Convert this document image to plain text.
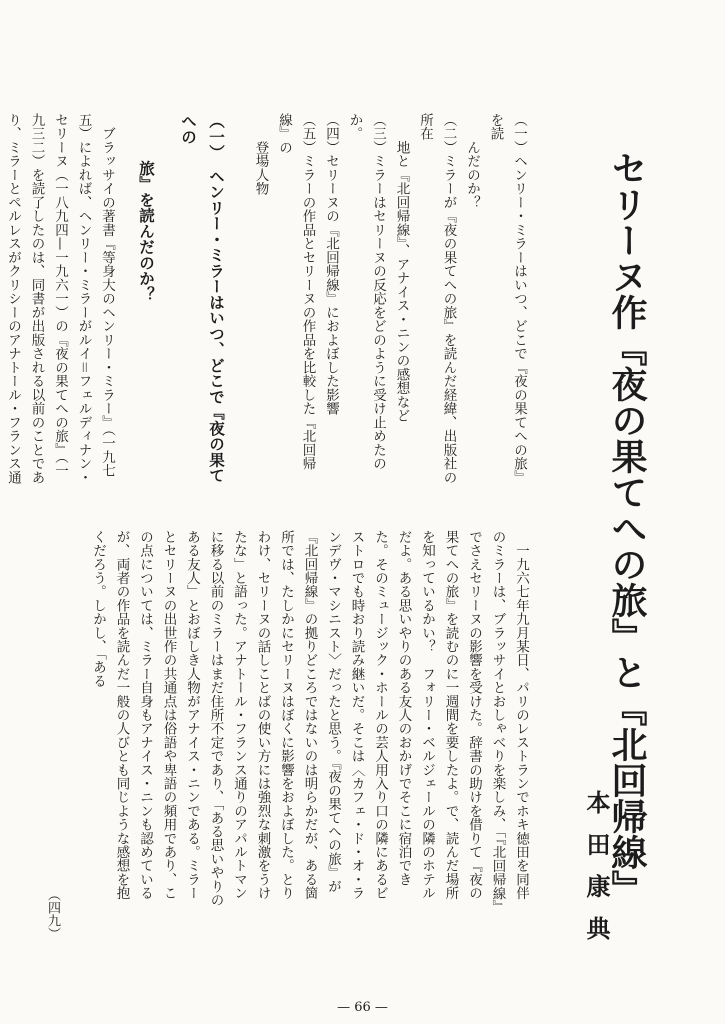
セリーヌ作『夜の果てへの旅』と『北回帰線』
本田康典

（一）ヘンリー・ミラーはいつ、どこで『夜の果てへの旅』を読

　　んだのか？

（二）ミラーが『夜の果てへの旅』を読んだ経緯、出版社の所在

　　地と『北回帰線』、アナイス・ニンの感想など

（三）ミラーはセリーヌの反応をどのように受け止めたのか。

（四）セリーヌの『北回帰線』におよぼした影響

（五）ミラーの作品とセリーヌの作品を比較した『北回帰線』の

　　登場人物

（一）　ヘンリー・ミラーはいつ、どこで『夜の果てへの

　　　旅』を読んだのか？

　ブラッサイの著書『等身大のヘンリー・ミラー』（一九七五）によれば、ヘンリー・ミラーがルイ＝フェルディナン・セリーヌ（一八九四—一九六一）の『夜の果てへの旅』（一九三二）を読了したのは、同書が出版される以前のことであり、ミラーとペルレスがクリシーのアナトール・フランス通

　一九六七年九月某日、パリのレストランでホキ徳田を同伴のミラーは、ブラッサイとおしゃべりを楽しみ、「『北回帰線』でさえセリーヌの影響を受けた。辞書の助けを借りて『夜の果てへの旅』を読むのに一週間を要したよ。で、読んだ場所を知っているかい？　フォリー・ベルジェールの隣のホテルだよ。ある思いやりのある友人のおかげでそこに宿泊できた。そのミュージック・ホールの芸人用入り口の隣にあるビストロでも時おり読み継いだ。そこは〈カフェ・ド・オ・ランデヴ・マシニスト〉だったと思う。『夜の果てへの旅』が『北回帰線』の拠りどころではないのは明らかだが、ある箇所では、たしかにセリーヌはぼくに影響をおよぼした。とりわけ、セリーヌの話しことばの使い方には強烈な刺激をうけたな」と語った。アナトール・フランス通りのアパルトマンに移る以前のミラーはまだ住所不定であり、「ある思いやりのある友人」とおぼしき人物がアナイス・ニンである。ミラーとセリーヌの出世作の共通点は俗語や卑語の頻用であり、この点については、ミラー自身もアナイス・ニンも認めているが、両者の作品を読んだ一般の人びとも同じような感想を抱くだろう。しかし、「ある

（四九）
— 66 —
